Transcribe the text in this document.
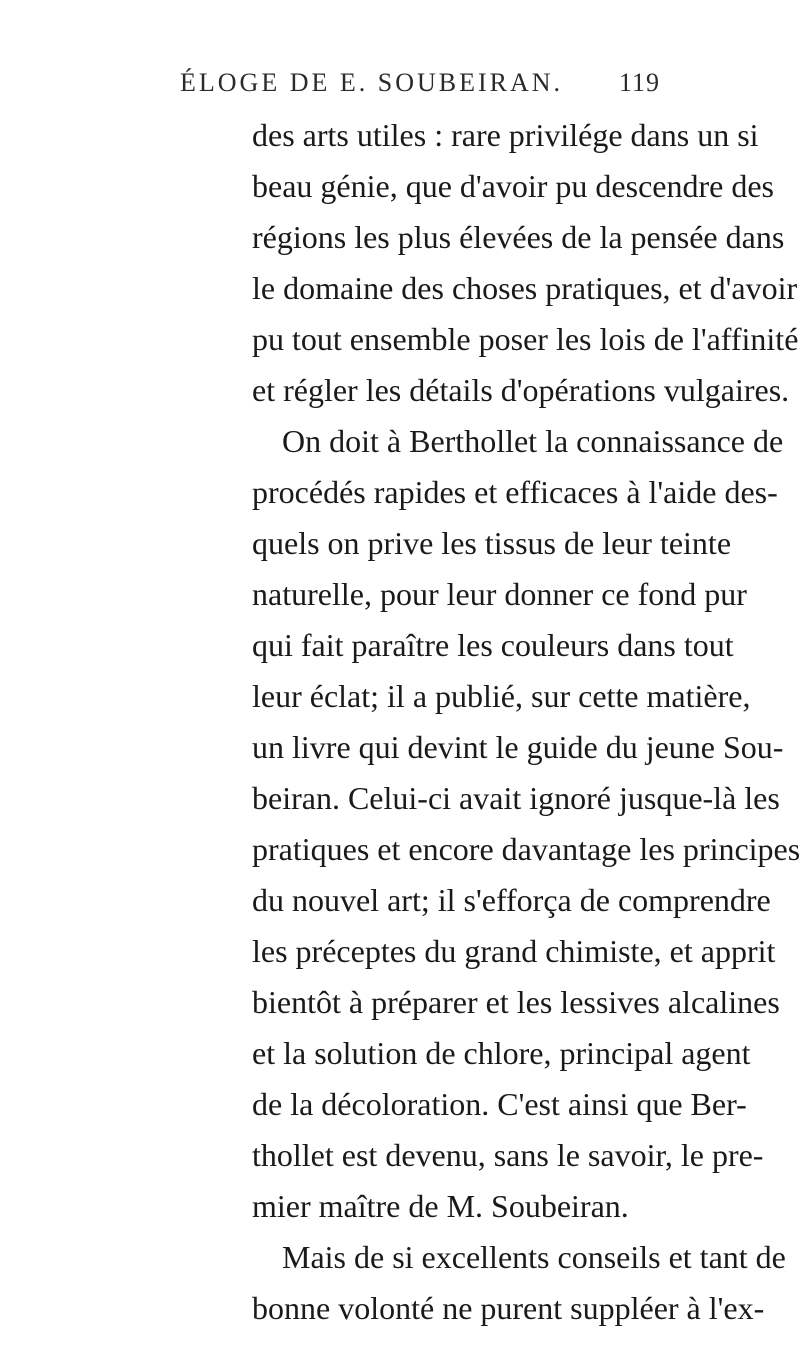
ÉLOGE DE E. SOUBEIRAN. 119
des arts utiles : rare privilége dans un si
beau génie, que d'avoir pu descendre des
régions les plus élevées de la pensée dans
le domaine des choses pratiques, et d'avoir
pu tout ensemble poser les lois de l'affinité
et régler les détails d'opérations vulgaires.
On doit à Berthollet la connaissance de
procédés rapides et efficaces à l'aide des-
quels on prive les tissus de leur teinte
naturelle, pour leur donner ce fond pur
qui fait paraître les couleurs dans tout
leur éclat; il a publié, sur cette matière,
un livre qui devint le guide du jeune Sou-
beiran. Celui-ci avait ignoré jusque-là les
pratiques et encore davantage les principes
du nouvel art; il s'efforça de comprendre
les préceptes du grand chimiste, et apprit
bientôt à préparer et les lessives alcalines
et la solution de chlore, principal agent
de la décoloration. C'est ainsi que Ber-
thollet est devenu, sans le savoir, le pre-
mier maître de M. Soubeiran.
Mais de si excellents conseils et tant de
bonne volonté ne purent suppléer à l'ex-
